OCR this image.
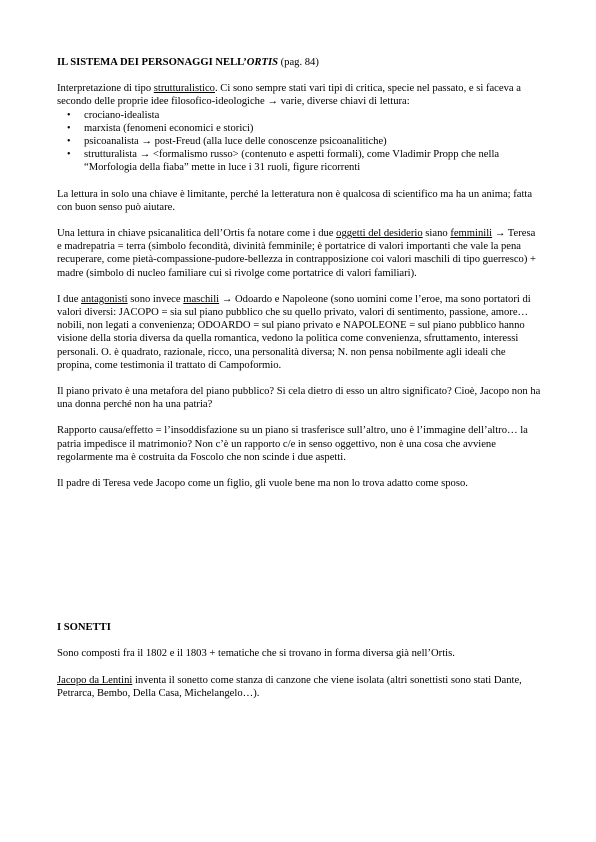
IL SISTEMA DEI PERSONAGGI NELL’ORTIS (pag. 84)

Interpretazione di tipo strutturalistico. Ci sono sempre stati vari tipi di critica, specie nel passato, e si faceva a secondo delle proprie idee filosofico-ideologiche → varie, diverse chiavi di lettura:

• crociano-idealista
• marxista (fenomeni economici e storici)
• psicoanalista → post-Freud (alla luce delle conoscenze psicoanalitiche)
• strutturalista → <formalismo russo> (contenuto e aspetti formali), come Vladimir Propp che nella “Morfologia della fiaba” mette in luce i 31 ruoli, figure ricorrenti

La lettura in solo una chiave è limitante, perché la letteratura non è qualcosa di scientifico ma ha un anima; fatta con buon senso può aiutare.

Una lettura in chiave psicanalitica dell’Ortis fa notare come i due oggetti del desiderio siano femminili → Teresa e madrepatria = terra (simbolo fecondità, divinità femminile; è portatrice di valori importanti che vale la pena recuperare, come pietà-compassione-pudore-bellezza in contrapposizione coi valori maschili di tipo guerresco) + madre (simbolo di nucleo familiare cui si rivolge come portatrice di valori familiari).

I due antagonisti sono invece maschili → Odoardo e Napoleone (sono uomini come l’eroe, ma sono portatori di valori diversi: JACOPO = sia sul piano pubblico che su quello privato, valori di sentimento, passione, amore… nobili, non legati a convenienza; ODOARDO = sul piano privato e NAPOLEONE = sul piano pubblico hanno visione della storia diversa da quella romantica, vedono la politica come convenienza, sfruttamento, interessi personali. O. è quadrato, razionale, ricco, una personalità diversa; N. non pensa nobilmente agli ideali che propina, come testimonia il trattato di Campoformio.

Il piano privato è una metafora del piano pubblico? Si cela dietro di esso un altro significato? Cioè, Jacopo non ha una donna perché non ha una patria?

Rapporto causa/effetto = l’insoddisfazione su un piano si trasferisce sull’altro, uno è l’immagine dell’altro… la patria impedisce il matrimonio? Non c’è un rapporto c/e in senso oggettivo, non è una cosa che avviene regolarmente ma è costruita da Foscolo che non scinde i due aspetti.

Il padre di Teresa vede Jacopo come un figlio, gli vuole bene ma non lo trova adatto come sposo.

I SONETTI

Sono composti fra il 1802 e il 1803 + tematiche che si trovano in forma diversa già nell’Ortis.

Jacopo da Lentini inventa il sonetto come stanza di canzone che viene isolata (altri sonettisti sono stati Dante, Petrarca, Bembo, Della Casa, Michelangelo…).
